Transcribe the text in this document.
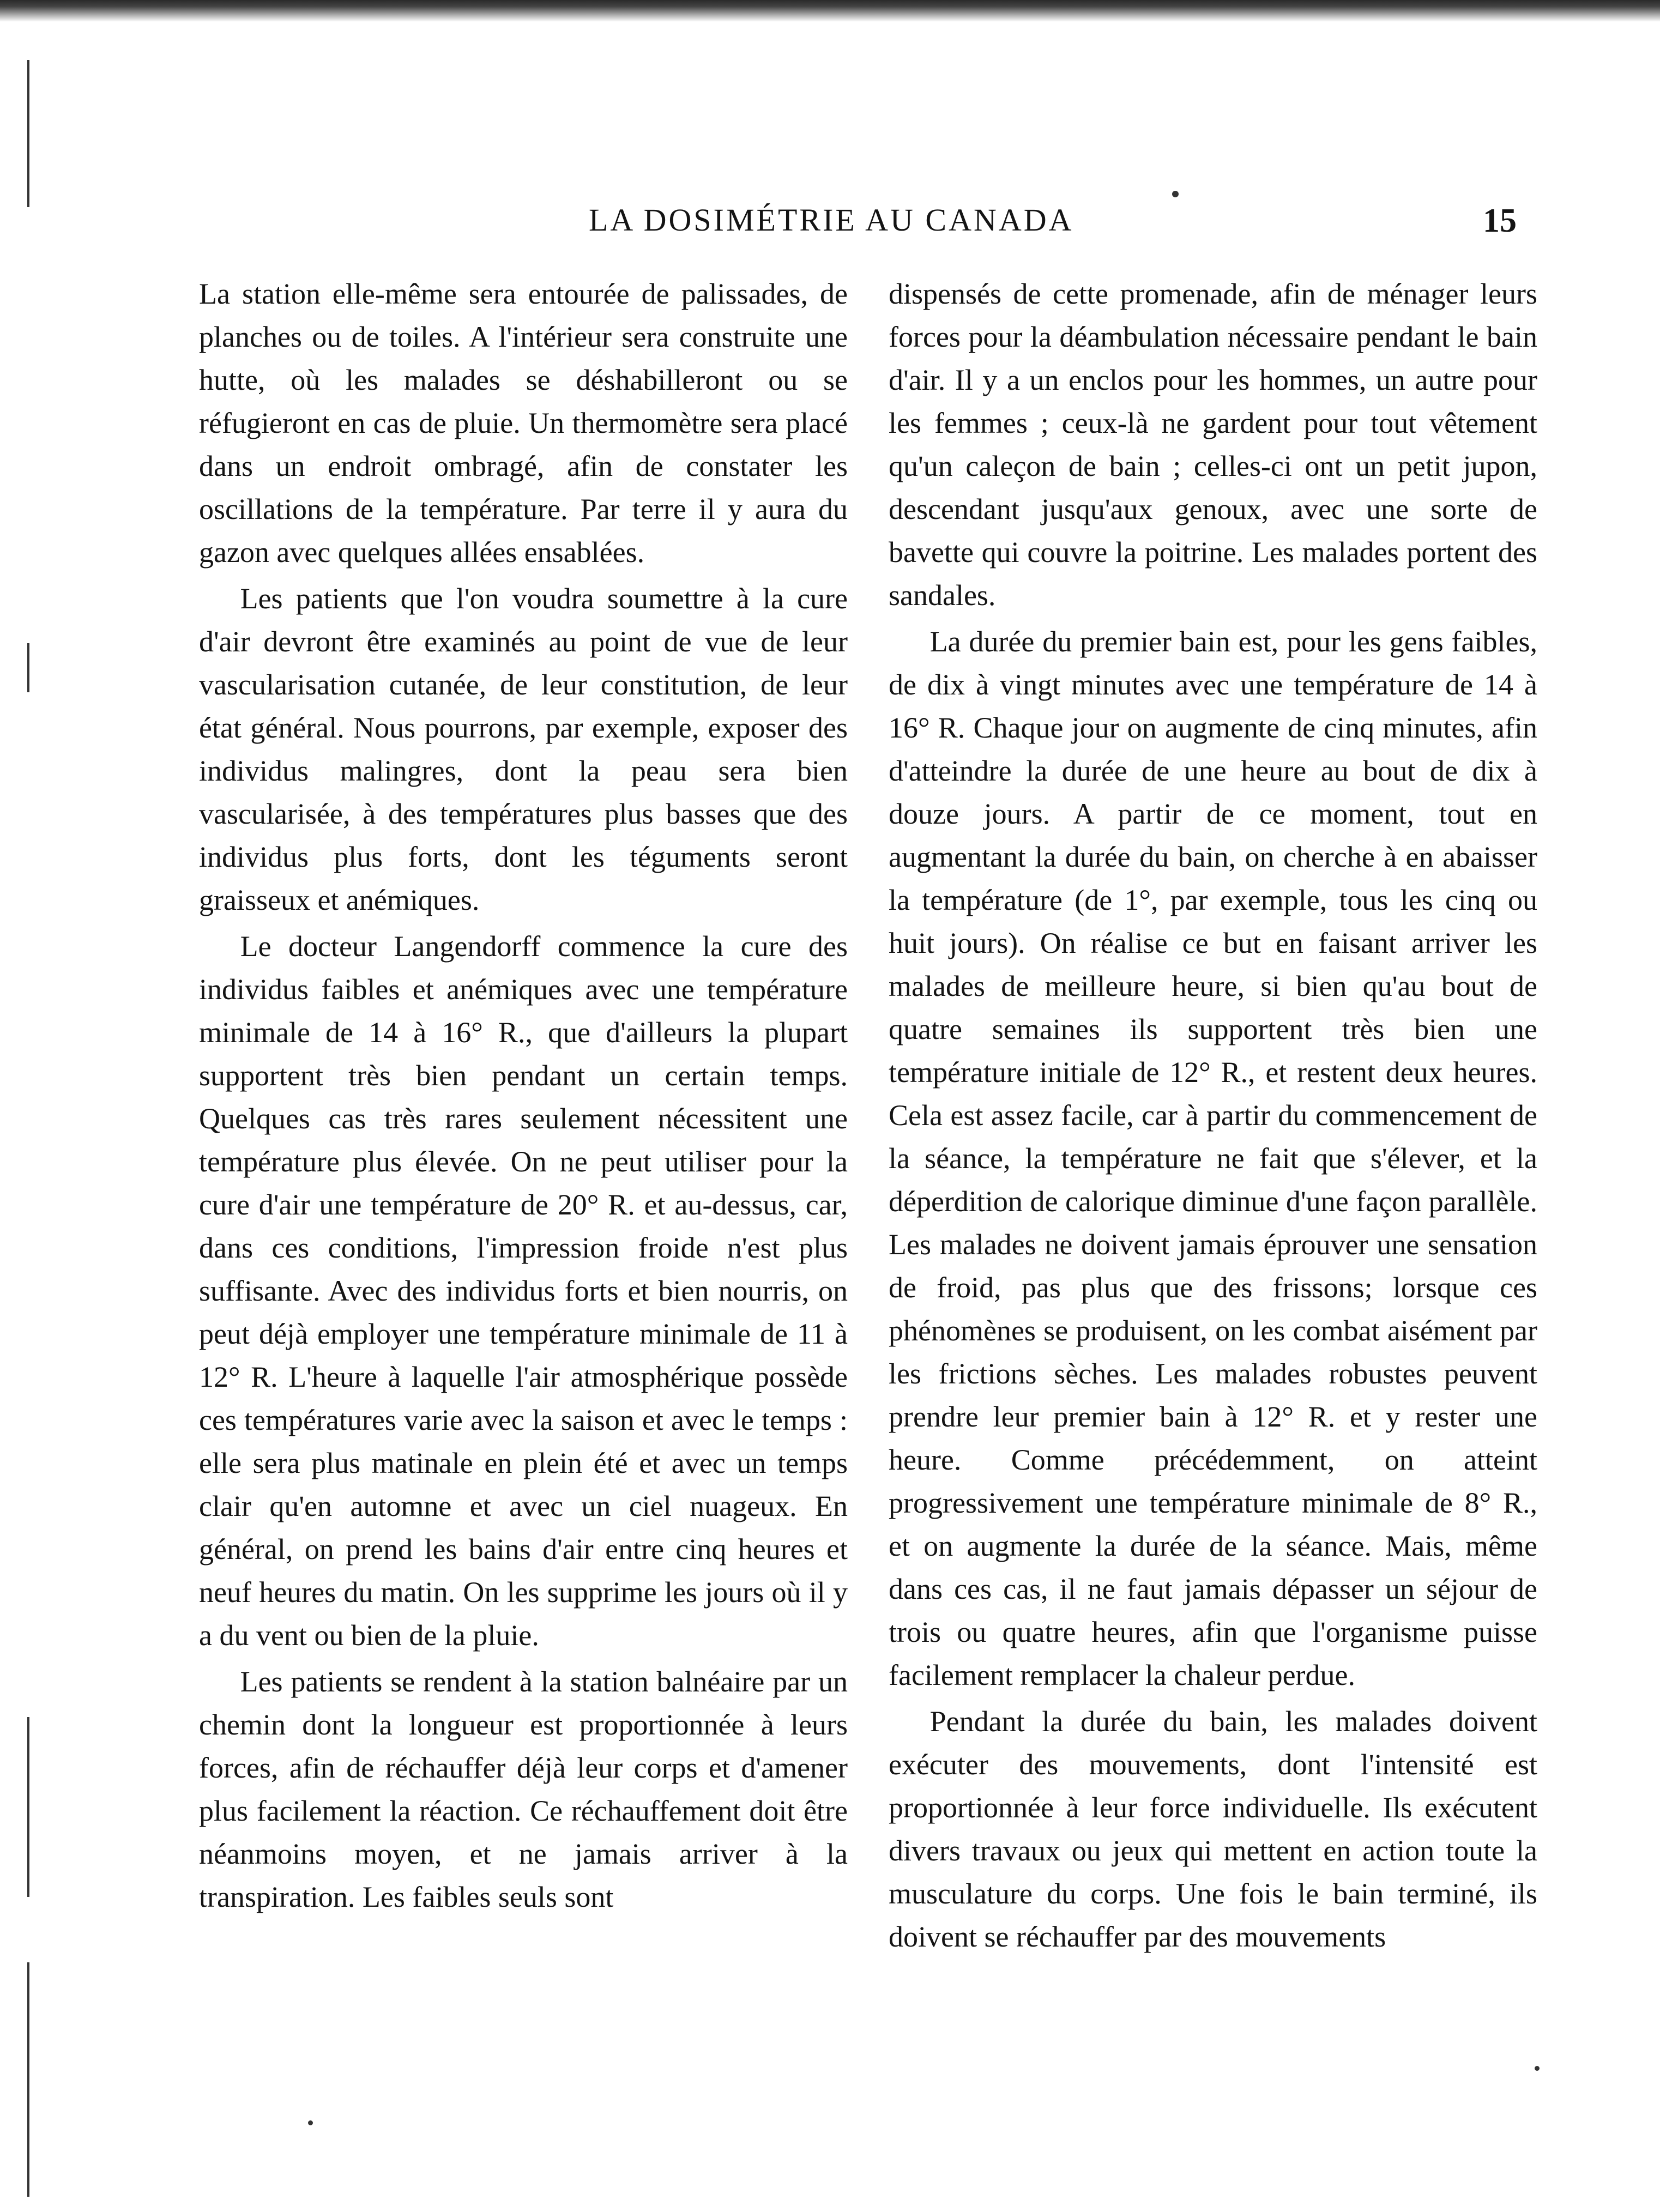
LA DOSIMÉTRIE AU CANADA	15

La station elle-même sera entourée de palissades, de planches ou de toiles. A l'intérieur sera construite une hutte, où les malades se déshabilleront ou se réfugieront en cas de pluie. Un thermomètre sera placé dans un endroit ombragé, afin de constater les oscillations de la température. Par terre il y aura du gazon avec quelques allées ensablées.

Les patients que l'on voudra soumettre à la cure d'air devront être examinés au point de vue de leur vascularisation cutanée, de leur constitution, de leur état général. Nous pourrons, par exemple, exposer des individus malingres, dont la peau sera bien vascularisée, à des températures plus basses que des individus plus forts, dont les téguments seront graisseux et anémiques.

Le docteur Langendorff commence la cure des individus faibles et anémiques avec une température minimale de 14 à 16° R., que d'ailleurs la plupart supportent très bien pendant un certain temps. Quelques cas très rares seulement nécessitent une température plus élevée. On ne peut utiliser pour la cure d'air une température de 20° R. et au-dessus, car, dans ces conditions, l'impression froide n'est plus suffisante. Avec des individus forts et bien nourris, on peut déjà employer une température minimale de 11 à 12° R. L'heure à laquelle l'air atmosphérique possède ces températures varie avec la saison et avec le temps : elle sera plus matinale en plein été et avec un temps clair qu'en automne et avec un ciel nuageux. En général, on prend les bains d'air entre cinq heures et neuf heures du matin. On les supprime les jours où il y a du vent ou bien de la pluie.

Les patients se rendent à la station balnéaire par un chemin dont la longueur est proportionnée à leurs forces, afin de réchauffer déjà leur corps et d'amener plus facilement la réaction. Ce réchauffement doit être néanmoins moyen, et ne jamais arriver à la transpiration. Les faibles seuls sont

dispensés de cette promenade, afin de ménager leurs forces pour la déambulation nécessaire pendant le bain d'air. Il y a un enclos pour les hommes, un autre pour les femmes ; ceux-là ne gardent pour tout vêtement qu'un caleçon de bain ; celles-ci ont un petit jupon, descendant jusqu'aux genoux, avec une sorte de bavette qui couvre la poitrine. Les malades portent des sandales.

La durée du premier bain est, pour les gens faibles, de dix à vingt minutes avec une température de 14 à 16° R. Chaque jour on augmente de cinq minutes, afin d'atteindre la durée de une heure au bout de dix à douze jours. A partir de ce moment, tout en augmentant la durée du bain, on cherche à en abaisser la température (de 1°, par exemple, tous les cinq ou huit jours). On réalise ce but en faisant arriver les malades de meilleure heure, si bien qu'au bout de quatre semaines ils supportent très bien une température initiale de 12° R., et restent deux heures. Cela est assez facile, car à partir du commencement de la séance, la température ne fait que s'élever, et la déperdition de calorique diminue d'une façon parallèle. Les malades ne doivent jamais éprouver une sensation de froid, pas plus que des frissons; lorsque ces phénomènes se produisent, on les combat aisément par les frictions sèches. Les malades robustes peuvent prendre leur premier bain à 12° R. et y rester une heure. Comme précédemment, on atteint progressivement une température minimale de 8° R., et on augmente la durée de la séance. Mais, même dans ces cas, il ne faut jamais dépasser un séjour de trois ou quatre heures, afin que l'organisme puisse facilement remplacer la chaleur perdue.

Pendant la durée du bain, les malades doivent exécuter des mouvements, dont l'intensité est proportionnée à leur force individuelle. Ils exécutent divers travaux ou jeux qui mettent en action toute la musculature du corps. Une fois le bain terminé, ils doivent se réchauffer par des mouvements
